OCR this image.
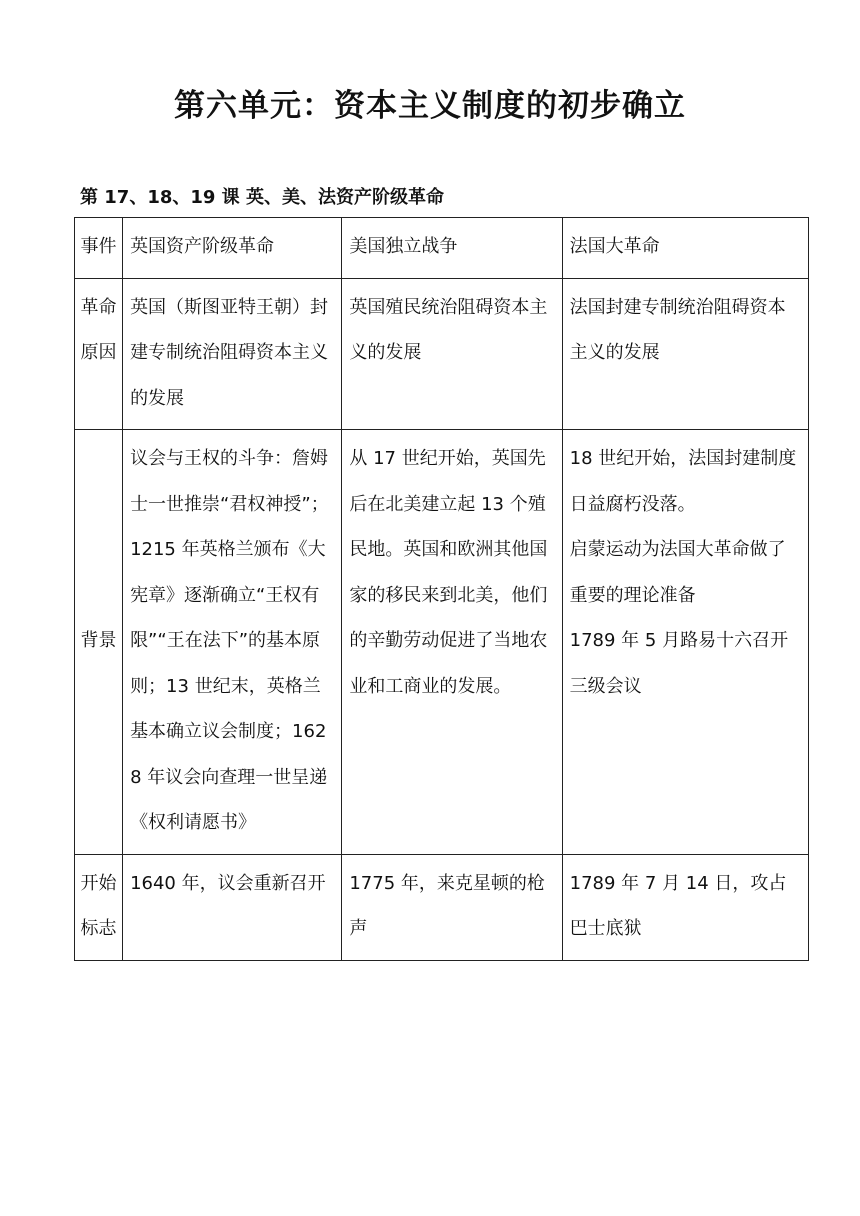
第六单元：资本主义制度的初步确立
第 17、18、19 课 英、美、法资产阶级革命
事件	英国资产阶级革命	美国独立战争	法国大革命

革命原因	英国（斯图亚特王朝）封建专制统治阻碍资本主义的发展	英国殖民统治阻碍资本主义的发展	法国封建专制统治阻碍资本主义的发展

背景	议会与王权的斗争：詹姆士一世推崇“君权神授”；1215 年英格兰颁布《大宪章》逐渐确立“王权有限”“王在法下”的基本原则；13 世纪末，英格兰基本确立议会制度；1628 年议会向查理一世呈递《权利请愿书》	从 17 世纪开始，英国先后在北美建立起 13 个殖民地。英国和欧洲其他国家的移民来到北美，他们的辛勤劳动促进了当地农业和工商业的发展。	18 世纪开始，法国封建制度日益腐朽没落。
启蒙运动为法国大革命做了重要的理论准备
1789 年 5 月路易十六召开三级会议

开始标志	1640 年，议会重新召开	1775 年，来克星顿的枪声	1789 年 7 月 14 日，攻占巴士底狱
